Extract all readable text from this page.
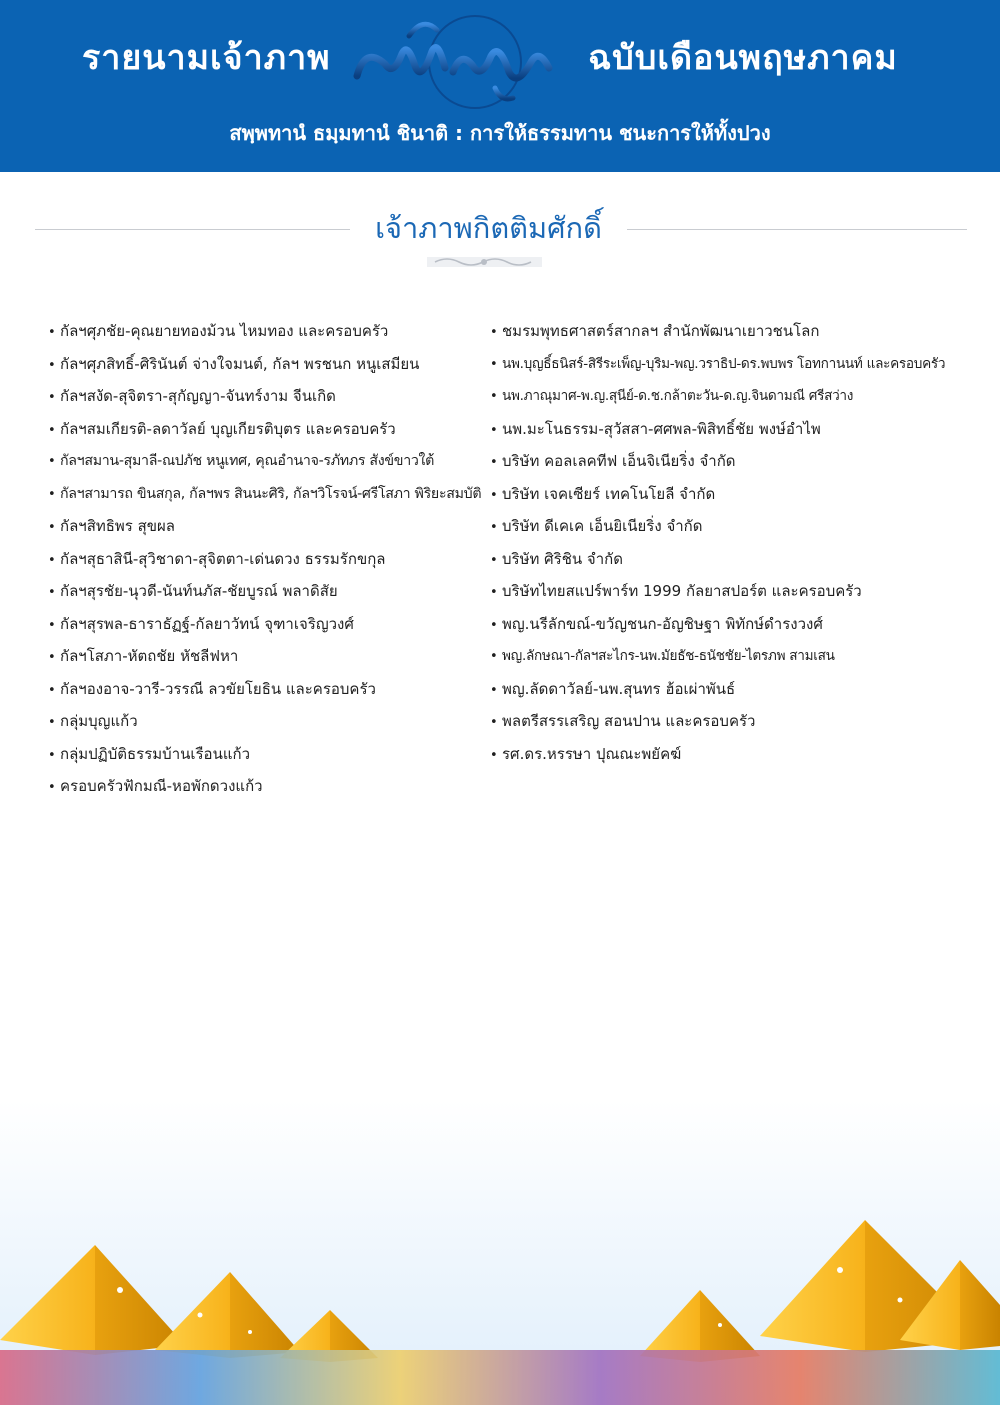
รายนามเจ้าภาพ	ฉบับเดือนพฤษภาคม
สพฺพทานํ ธมฺมทานํ ชินาติ : การให้ธรรมทาน ชนะการให้ทั้งปวง
เจ้าภาพกิตติมศักดิ์
• กัลฯศุภชัย-คุณยายทองม้วน ไหมทอง และครอบครัว
• กัลฯศุภสิทธิ์-ศิรินันต์ จ่างใจมนต์, กัลฯ พรชนก หนูเสมียน
• กัลฯสงัด-สุจิตรา-สุกัญญา-จันทร์งาม จีนเกิด
• กัลฯสมเกียรติ-ลดาวัลย์ บุญเกียรติบุตร และครอบครัว
• กัลฯสมาน-สุมาลี-ณปภัช หนูเทศ, คุณอำนาจ-รภัทภร สังข์ขาวใต้
• กัลฯสามารถ ขินสกุล, กัลฯพร สินนะศิริ, กัลฯวิโรจน์-ศรีโสภา พิริยะสมบัติ
• กัลฯสิทธิพร สุขผล
• กัลฯสุธาสินี-สุวิชาดา-สุจิตตา-เด่นดวง ธรรมรักขกุล
• กัลฯสุรชัย-นุวดี-นันท์นภัส-ชัยบูรณ์ พลาดิสัย
• กัลฯสุรพล-ธาราธัฏฐ์-กัลยาวัทน์ จุฑาเจริญวงศ์
• กัลฯโสภา-หัตถชัย หัชลีฟหา
• กัลฯองอาจ-วารี-วรรณี ลวขัยโยธิน และครอบครัว
• กลุ่มบุญแก้ว
• กลุ่มปฏิบัติธรรมบ้านเรือนแก้ว
• ครอบครัวฟักมณี-หอพักดวงแก้ว
• ชมรมพุทธศาสตร์สากลฯ สำนักพัฒนาเยาวชนโลก
• นพ.บุญธิ์ธนิสร์-สิรีระเพ็ญ-บุริม-พญ.วราธิป-ดร.พบพร โอทกานนท์ และครอบครัว
• นพ.ภาณุมาศ-พ.ญ.สุนีย์-ด.ช.กล้าตะวัน-ด.ญ.จินดามณี ศรีสว่าง
• นพ.มะโนธรรม-สุวัสสา-ศศพล-พิสิทธิ์ชัย พงษ์อำไพ
• บริษัท คอลเลคทีฟ เอ็นจิเนียริ่ง จำกัด
• บริษัท เจคเซียร์ เทคโนโยลี จำกัด
• บริษัท ดีเคเค เอ็นยิเนียริ่ง จำกัด
• บริษัท ศิริชิน จำกัด
• บริษัทไทยสแปร์พาร์ท 1999 กัลยาสปอร์ต และครอบครัว
• พญ.นรีลักขณ์-ขวัญชนก-อัญชิษฐา พิทักษ์ดำรงวงศ์
• พญ.ลักษณา-กัลฯสะไกร-นพ.มัยธัช-ธนัชชัย-ไตรภพ สามเสน
• พญ.ลัดดาวัลย์-นพ.สุนทร ฮ้อเผ่าพันธ์
• พลตรีสรรเสริญ สอนปาน และครอบครัว
• รศ.ดร.หรรษา ปุณณะพยัคฆ์
